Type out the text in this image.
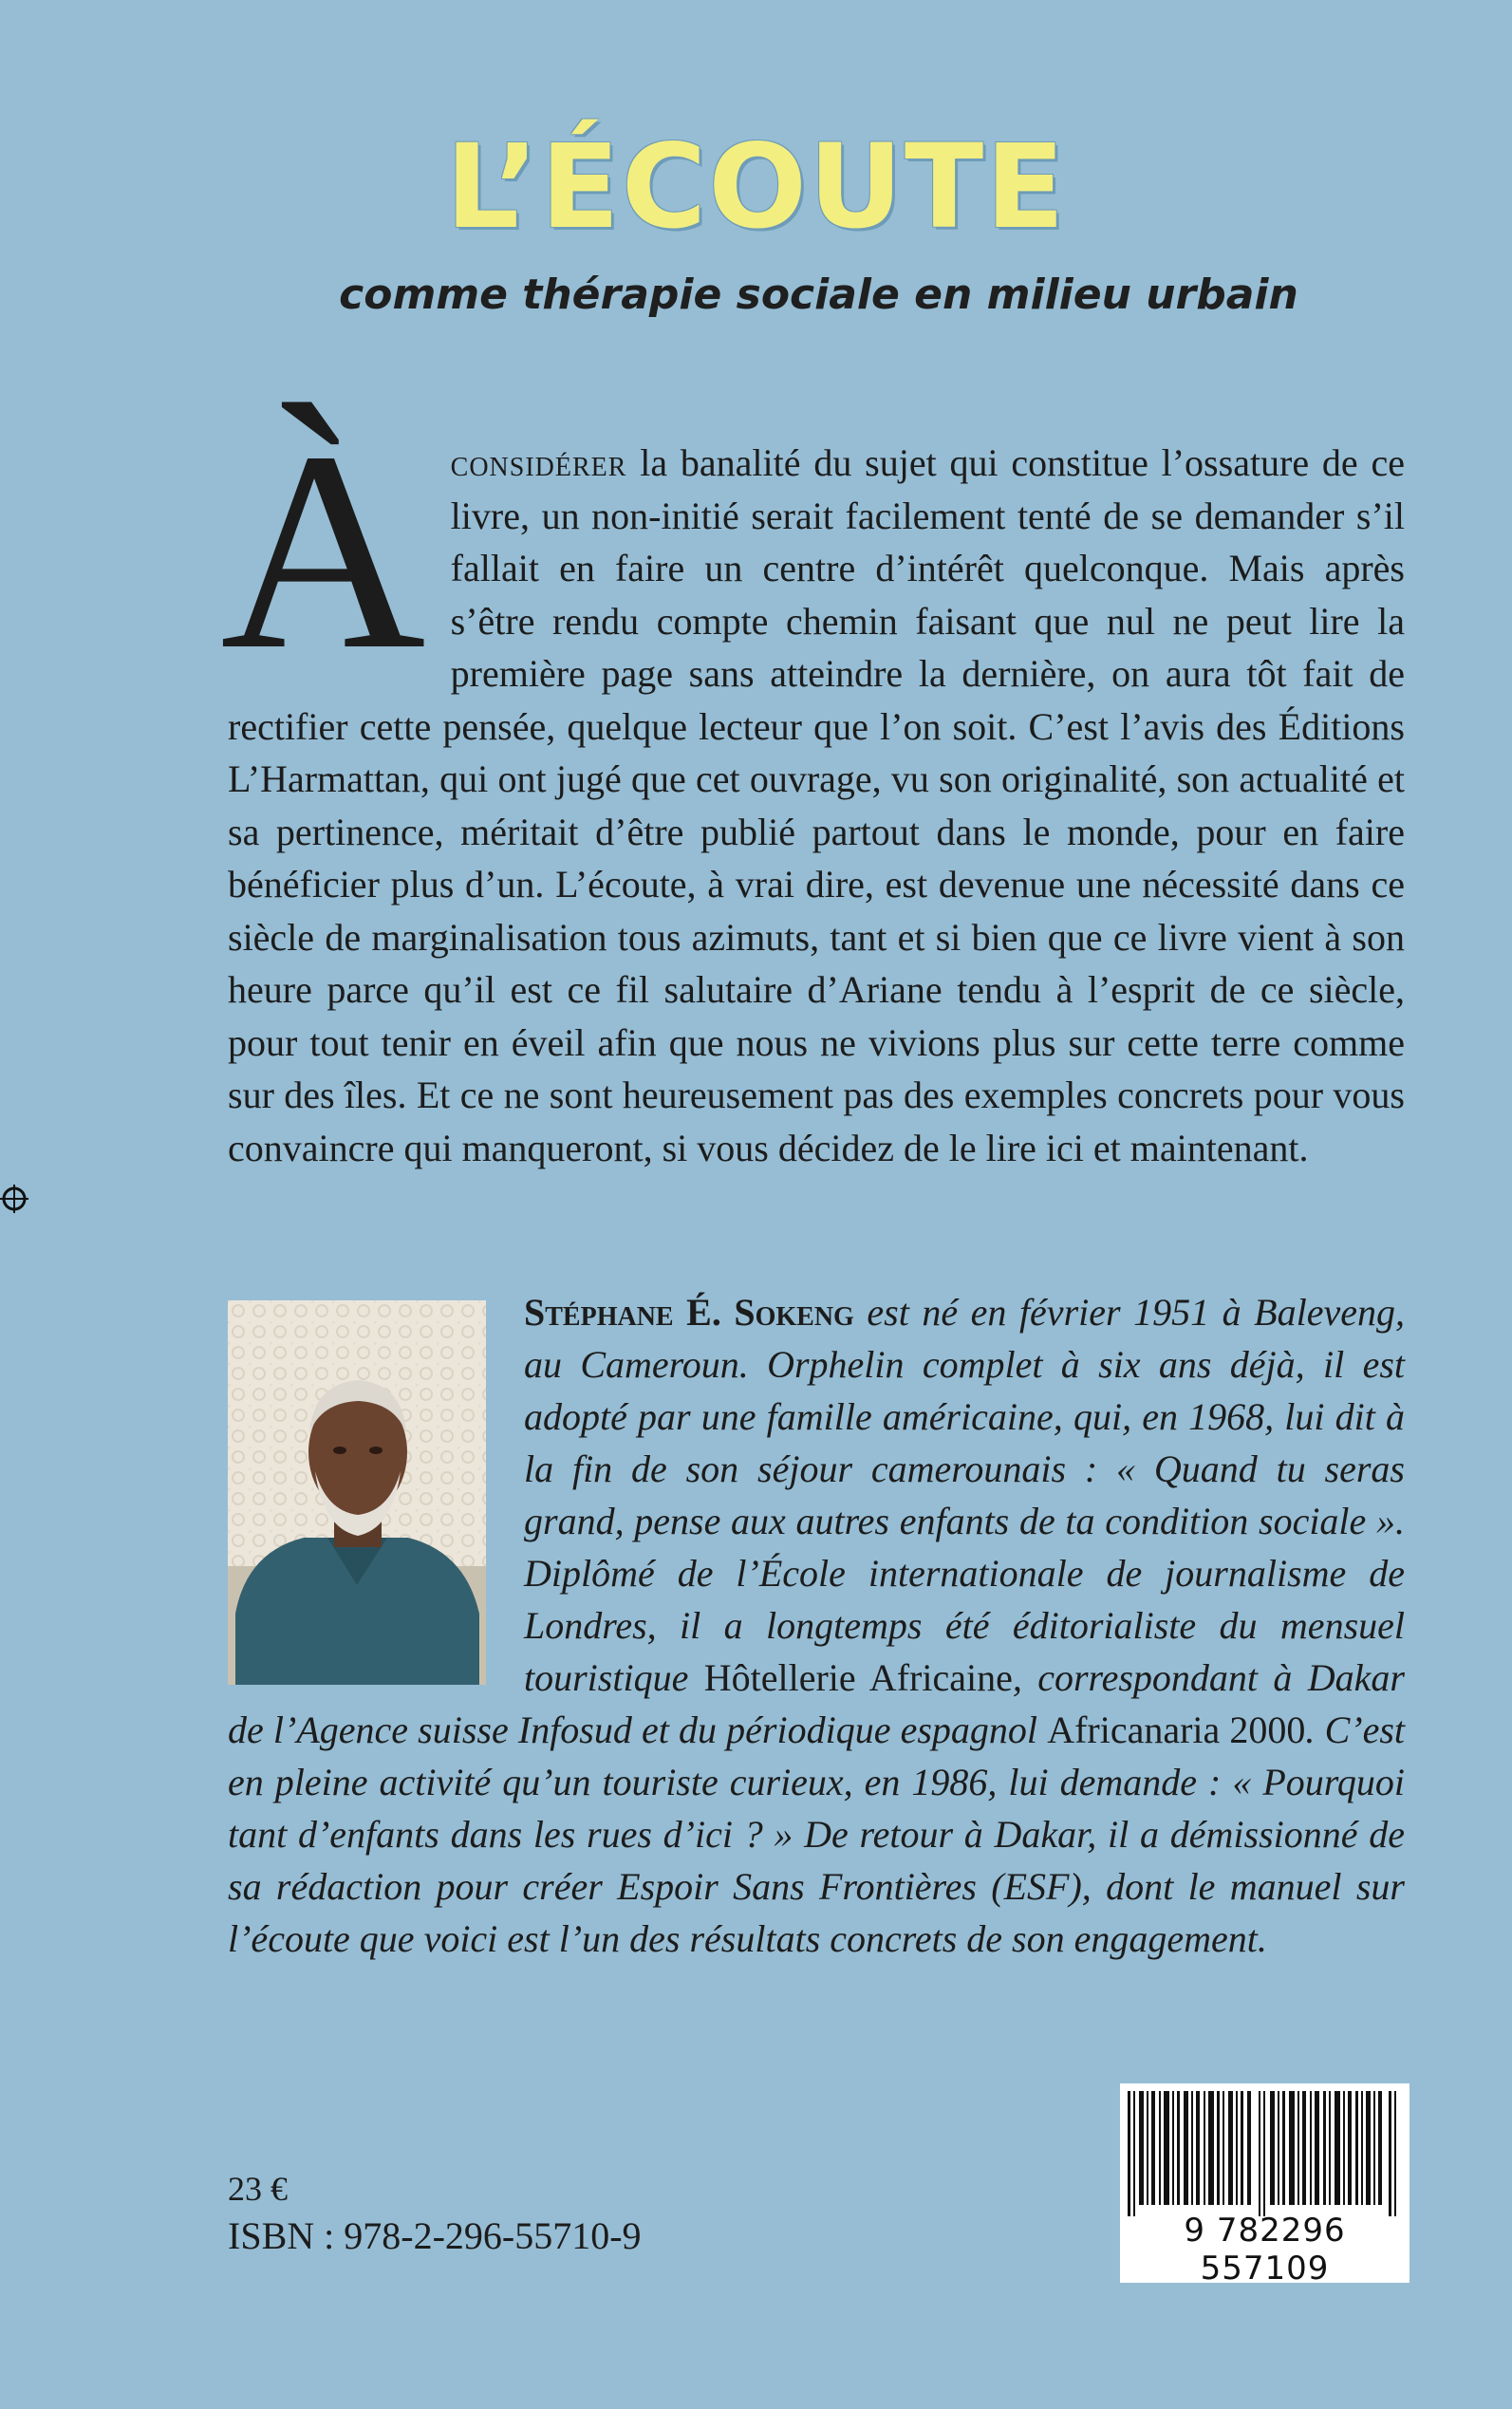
L’ÉCOUTE
comme thérapie sociale en milieu urbain
Àconsidérer la banalité du sujet qui constitue l’ossature de ce livre, un non-initié serait facilement tenté de se demander s’il fallait en faire un centre d’intérêt quelconque. Mais après s’être rendu compte chemin faisant que nul ne peut lire la première page sans atteindre la dernière, on aura tôt fait de rectifier cette pensée, quelque lecteur que l’on soit. C’est l’avis des Éditions L’Harmattan, qui ont jugé que cet ouvrage, vu son originalité, son actualité et sa pertinence, méritait d’être publié partout dans le monde, pour en faire bénéficier plus d’un. L’écoute, à vrai dire, est devenue une nécessité dans ce siècle de marginalisation tous azimuts, tant et si bien que ce livre vient à son heure parce qu’il est ce fil salutaire d’Ariane tendu à l’esprit de ce siècle, pour tout tenir en éveil afin que nous ne vivions plus sur cette terre comme sur des îles. Et ce ne sont heureusement pas des exemples concrets pour vous convaincre qui manqueront, si vous décidez de le lire ici et maintenant.
Stéphane É. Sokeng est né en février 1951 à Baleveng, au Cameroun. Orphelin complet à six ans déjà, il est adopté par une famille américaine, qui, en 1968, lui dit à la fin de son séjour camerounais : « Quand tu seras grand, pense aux autres enfants de ta condition sociale ». Diplômé de l’École internationale de journalisme de Londres, il a longtemps été éditorialiste du mensuel touristique Hôtellerie Africaine, correspondant à Dakar de l’Agence suisse Infosud et du périodique espagnol Africanaria 2000. C’est en pleine activité qu’un touriste curieux, en 1986, lui demande : « Pourquoi tant d’enfants dans les rues d’ici ? » De retour à Dakar, il a démissionné de sa rédaction pour créer Espoir Sans Frontières (ESF), dont le manuel sur l’écoute que voici est l’un des résultats concrets de son engagement.
23 €
ISBN : 978-2-296-55710-9	9 782296 557109
